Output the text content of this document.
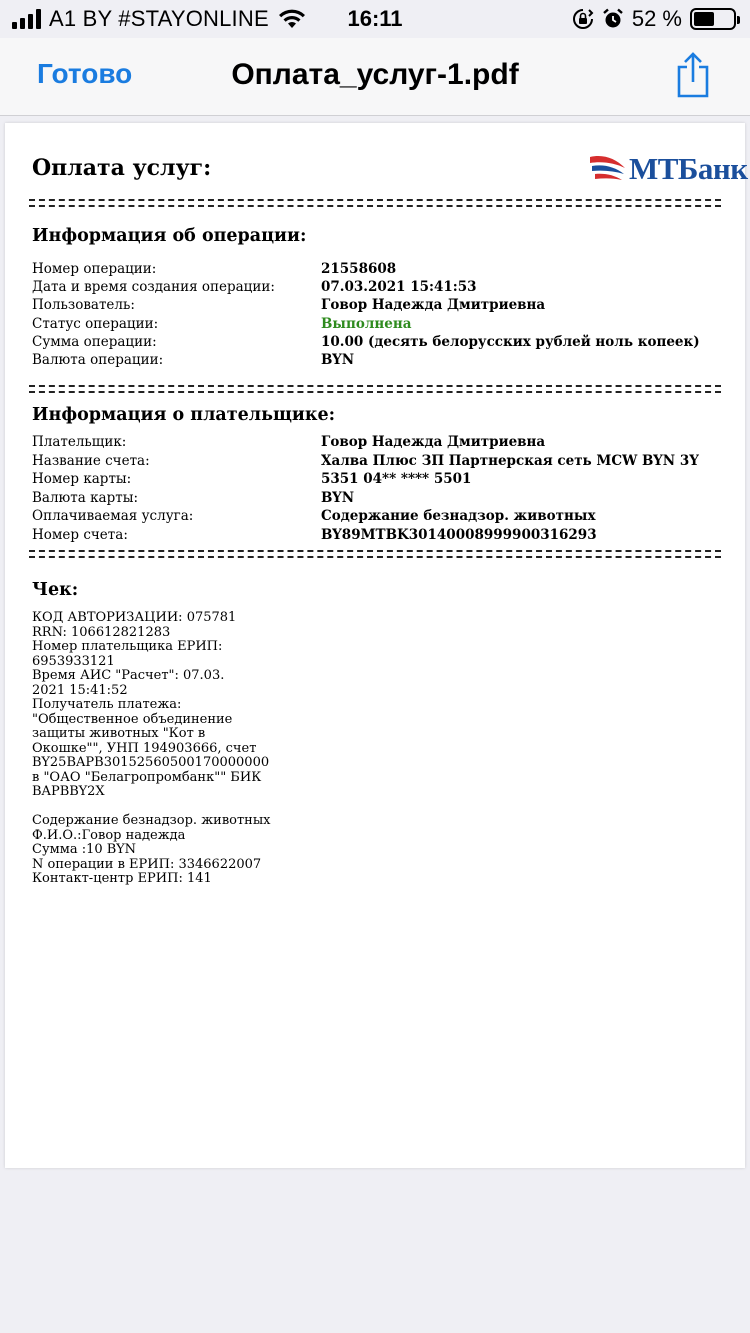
A1 BY #STAYONLINE	16:11	52 %
Готово	Оплата_услуг-1.pdf
Оплата услуг:	МТБанк
Информация об операции:
Номер операции:	21558608
Дата и время создания операции:	07.03.2021 15:41:53
Пользователь:	Говор Надежда Дмитриевна
Статус операции:	Выполнена
Сумма операции:	10.00 (десять белорусских рублей ноль копеек)
Валюта операции:	BYN
Информация о плательщике:
Плательщик:	Говор Надежда Дмитриевна
Название счета:	Халва Плюс ЗП Партнерская сеть MCW BYN 3Y
Номер карты:	5351 04** **** 5501
Валюта карты:	BYN
Оплачиваемая услуга:	Содержание безнадзор. животных
Номер счета:	BY89MTBK30140008999900316293
Чек:
КОД АВТОРИЗАЦИИ: 075781
RRN: 106612821283
Номер плательщика ЕРИП:
6953933121
Время АИС "Расчет": 07.03.
2021 15:41:52
Получатель платежа:
"Общественное объединение
защиты животных "Кот в
Окошке"", УНП 194903666, счет
BY25BAPB30152560500170000000
в "ОАО "Белагропромбанк"" БИК
BAPBBY2X
Содержание безнадзор. животных
Ф.И.О.:Говор надежда
Сумма :10 BYN
N операции в ЕРИП: 3346622007
Контакт-центр ЕРИП: 141
